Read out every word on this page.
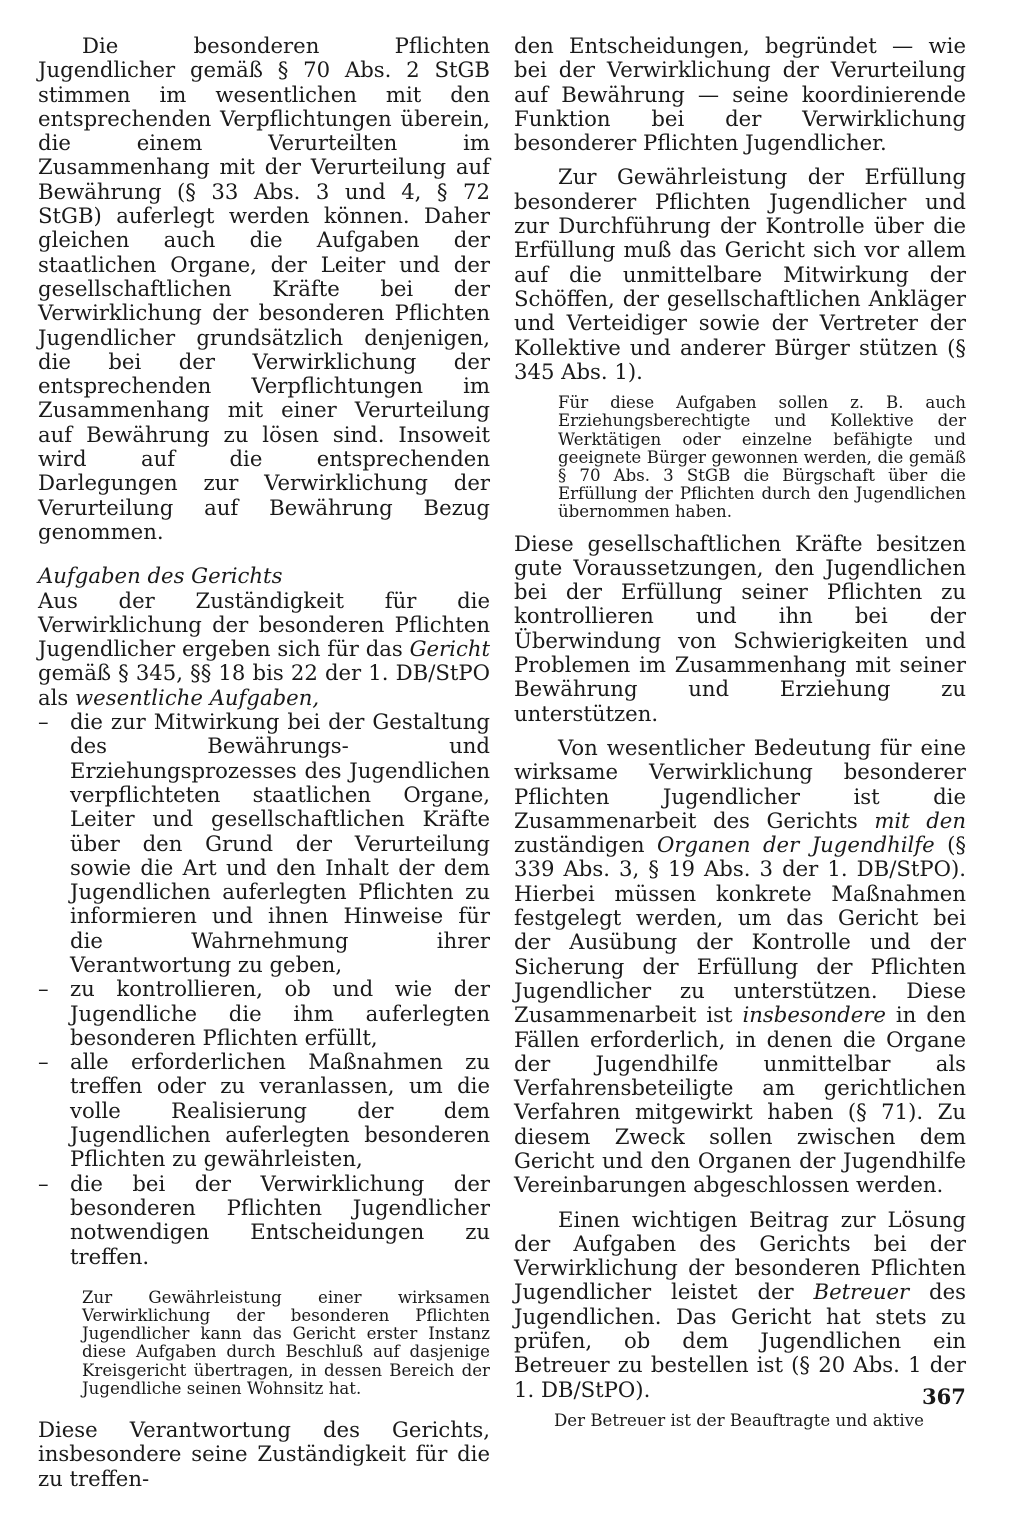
Die besonderen Pflichten Jugendlicher gemäß § 70 Abs. 2 StGB stimmen im wesentlichen mit den entsprechenden Verpflichtungen überein, die einem Verurteilten im Zusammenhang mit der Verurteilung auf Bewährung (§ 33 Abs. 3 und 4, § 72 StGB) auferlegt werden können. Daher gleichen auch die Aufgaben der staatlichen Organe, der Leiter und der gesellschaftlichen Kräfte bei der Verwirklichung der besonderen Pflichten Jugendlicher grundsätzlich denjenigen, die bei der Verwirklichung der entsprechenden Verpflichtungen im Zusammenhang mit einer Verurteilung auf Bewährung zu lösen sind. Insoweit wird auf die entsprechenden Darlegungen zur Verwirklichung der Verurteilung auf Bewährung Bezug genommen.

Aufgaben des Gerichts

Aus der Zuständigkeit für die Verwirklichung der besonderen Pflichten Jugendlicher ergeben sich für das Gericht gemäß § 345, §§ 18 bis 22 der 1. DB/StPO als wesentliche Aufgaben,

–	die zur Mitwirkung bei der Gestaltung des Bewährungs- und Erziehungsprozesses des Jugendlichen verpflichteten staatlichen Organe, Leiter und gesellschaftlichen Kräfte über den Grund der Verurteilung sowie die Art und den Inhalt der dem Jugendlichen auferlegten Pflichten zu informieren und ihnen Hinweise für die Wahrnehmung ihrer Verantwortung zu geben,
–	zu kontrollieren, ob und wie der Jugendliche die ihm auferlegten besonderen Pflichten erfüllt,
–	alle erforderlichen Maßnahmen zu treffen oder zu veranlassen, um die volle Realisierung der dem Jugendlichen auferlegten besonderen Pflichten zu gewährleisten,
–	die bei der Verwirklichung der besonderen Pflichten Jugendlicher notwendigen Entscheidungen zu treffen.

Zur Gewährleistung einer wirksamen Verwirklichung der besonderen Pflichten Jugendlicher kann das Gericht erster Instanz diese Aufgaben durch Beschluß auf dasjenige Kreisgericht übertragen, in dessen Bereich der Jugendliche seinen Wohnsitz hat.

Diese Verantwortung des Gerichts, insbesondere seine Zuständigkeit für die zu treffen-

den Entscheidungen, begründet — wie bei der Verwirklichung der Verurteilung auf Bewährung — seine koordinierende Funktion bei der Verwirklichung besonderer Pflichten Jugendlicher.

Zur Gewährleistung der Erfüllung besonderer Pflichten Jugendlicher und zur Durchführung der Kontrolle über die Erfüllung muß das Gericht sich vor allem auf die unmittelbare Mitwirkung der Schöffen, der gesellschaftlichen Ankläger und Verteidiger sowie der Vertreter der Kollektive und anderer Bürger stützen (§ 345 Abs. 1).

Für diese Aufgaben sollen z. B. auch Erziehungsberechtigte und Kollektive der Werktätigen oder einzelne befähigte und geeignete Bürger gewonnen werden, die gemäß § 70 Abs. 3 StGB die Bürgschaft über die Erfüllung der Pflichten durch den Jugendlichen übernommen haben.

Diese gesellschaftlichen Kräfte besitzen gute Voraussetzungen, den Jugendlichen bei der Erfüllung seiner Pflichten zu kontrollieren und ihn bei der Überwindung von Schwierigkeiten und Problemen im Zusammenhang mit seiner Bewährung und Erziehung zu unterstützen.

Von wesentlicher Bedeutung für eine wirksame Verwirklichung besonderer Pflichten Jugendlicher ist die Zusammenarbeit des Gerichts mit den zuständigen Organen der Jugendhilfe (§ 339 Abs. 3, § 19 Abs. 3 der 1. DB/StPO). Hierbei müssen konkrete Maßnahmen festgelegt werden, um das Gericht bei der Ausübung der Kontrolle und der Sicherung der Erfüllung der Pflichten Jugendlicher zu unterstützen. Diese Zusammenarbeit ist insbesondere in den Fällen erforderlich, in denen die Organe der Jugendhilfe unmittelbar als Verfahrensbeteiligte am gerichtlichen Verfahren mitgewirkt haben (§ 71). Zu diesem Zweck sollen zwischen dem Gericht und den Organen der Jugendhilfe Vereinbarungen abgeschlossen werden.

Einen wichtigen Beitrag zur Lösung der Aufgaben des Gerichts bei der Verwirklichung der besonderen Pflichten Jugendlicher leistet der Betreuer des Jugendlichen. Das Gericht hat stets zu prüfen, ob dem Jugendlichen ein Betreuer zu bestellen ist (§ 20 Abs. 1 der 1. DB/StPO).

Der Betreuer ist der Beauftragte und aktive

367
